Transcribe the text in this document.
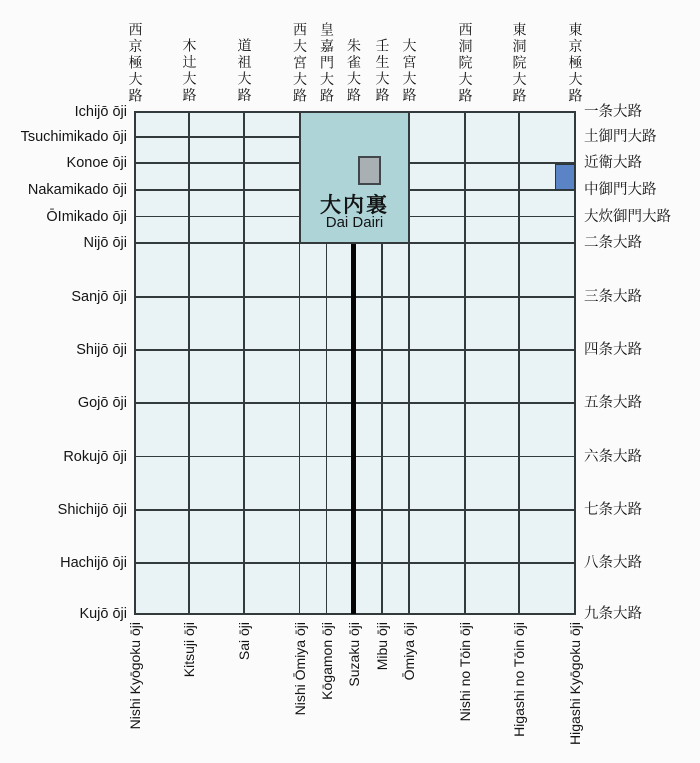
大内裏
Dai Dairi
Ichijō ōji	一条大路
Tsuchimikado ōji	土御門大路
Konoe ōji	近衛大路
Nakamikado ōji	中御門大路
ŌImikado ōji	大炊御門大路
Nijō ōji	二条大路
Sanjō ōji	三条大路
Shijō ōji	四条大路
Gojō ōji	五条大路
Rokujō ōji	六条大路
Shichijō ōji	七条大路
Hachijō ōji	八条大路
Kujō ōji	九条大路
西京極大路
Nishi Kyōgoku ōji
木辻大路
Kitsuji ōji
道祖大路
Sai ōji
西大宮大路
Nishi Ōmiya ōji
皇嘉門大路
Kōgamon ōji
朱雀大路
Suzaku ōji
壬生大路
Mibu ōji
大宮大路
Ōmiya ōji
西洞院大路
Nishi no Tōin ōji
東洞院大路
Higashi no Tōin ōji
東京極大路
Higashi Kyōgoku ōji
